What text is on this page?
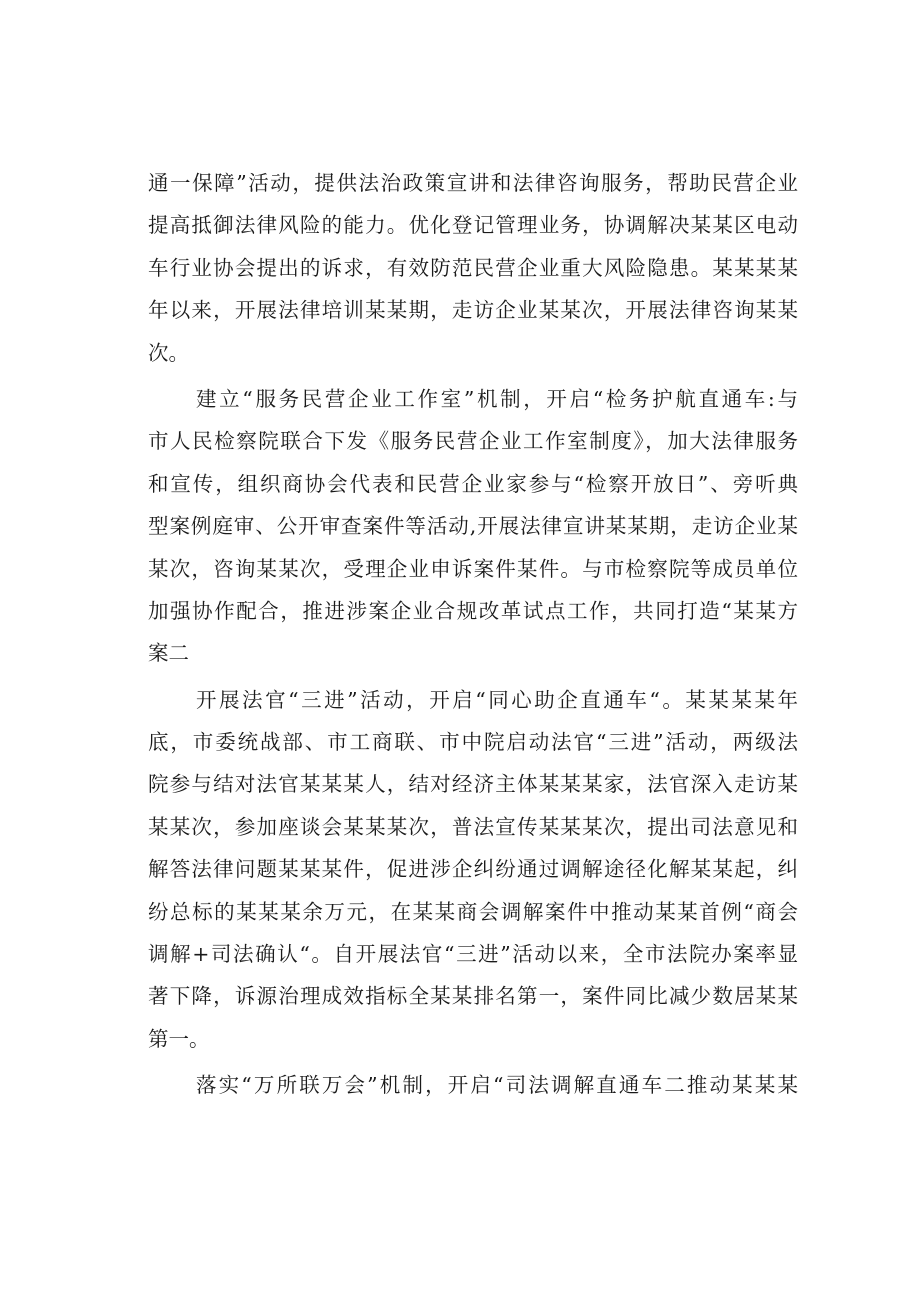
通一保障”活动，提供法治政策宣讲和法律咨询服务，帮助民营企业
提高抵御法律风险的能力。优化登记管理业务，协调解决某某区电动
车行业协会提出的诉求，有效防范民营企业重大风险隐患。某某某某
年以来，开展法律培训某某期，走访企业某某次，开展法律咨询某某
次。
建立“服务民营企业工作室”机制，开启“检务护航直通车:与
市人民检察院联合下发《服务民营企业工作室制度》，加大法律服务
和宣传，组织商协会代表和民营企业家参与“检察开放日”、旁听典
型案例庭审、公开审查案件等活动,开展法律宣讲某某期，走访企业某
某次，咨询某某次，受理企业申诉案件某件。与市检察院等成员单位
加强协作配合，推进涉案企业合规改革试点工作，共同打造“某某方
案二
开展法官“三进”活动，开启“同心助企直通车“。某某某某年
底，市委统战部、市工商联、市中院启动法官“三进”活动，两级法
院参与结对法官某某某人，结对经济主体某某某家，法官深入走访某
某某次，参加座谈会某某某次，普法宣传某某某次，提出司法意见和
解答法律问题某某某件，促进涉企纠纷通过调解途径化解某某起，纠
纷总标的某某某余万元，在某某商会调解案件中推动某某首例“商会
调解+司法确认“。自开展法官“三进”活动以来，全市法院办案率显
著下降，诉源治理成效指标全某某排名第一，案件同比减少数居某某
第一。
落实“万所联万会”机制，开启“司法调解直通车二推动某某某
